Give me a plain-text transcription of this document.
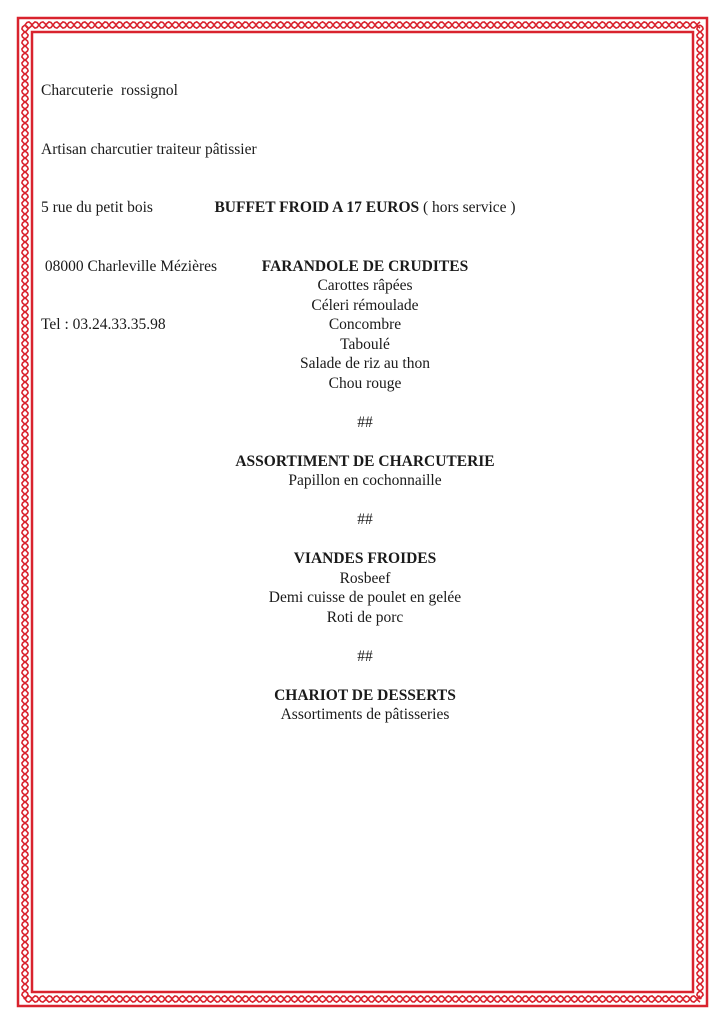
Charcuterie  rossignol

Artisan charcutier traiteur pâtissier

5 rue du petit bois

08000 Charleville Mézières

Tel : 03.24.33.35.98

BUFFET FROID A 17 EUROS ( hors service )
FARANDOLE DE CRUDITES
Carottes râpées
Céleri rémoulade
Concombre
Taboulé
Salade de riz au thon
Chou rouge
##
ASSORTIMENT DE CHARCUTERIE
Papillon en cochonnaille
##
VIANDES FROIDES
Rosbeef
Demi cuisse de poulet en gelée
Roti de porc
##
CHARIOT DE DESSERTS
Assortiments de pâtisseries
